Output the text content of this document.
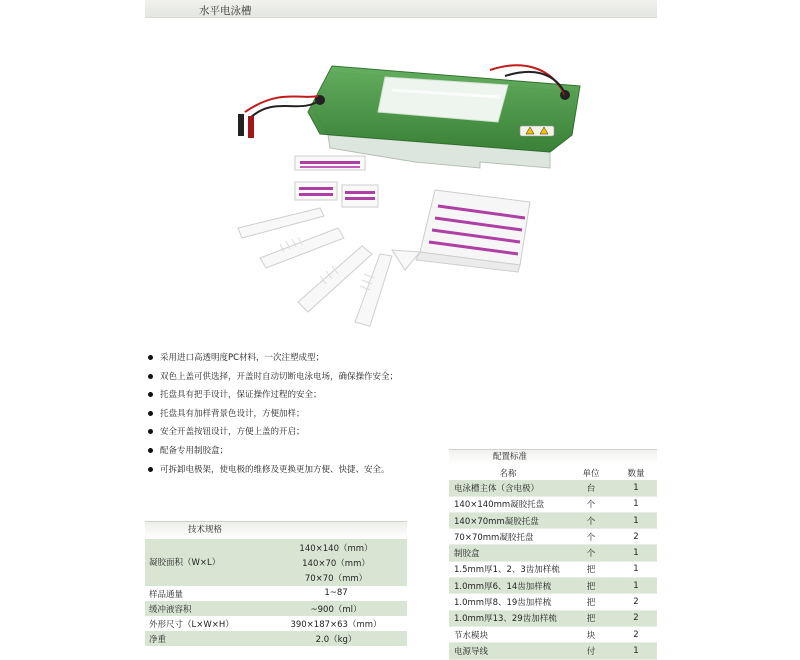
水平电泳槽
采用进口高透明度PC材料，一次注塑成型；
双色上盖可供选择，开盖时自动切断电泳电场，确保操作安全；
托盘具有把手设计，保证操作过程的安全；
托盘具有加样背景色设计，方便加样；
安全开盖按钮设计，方便上盖的开启；
配备专用制胶盒；
可拆卸电极架，使电极的维修及更换更加方便、快捷、安全。
配置标准
名称	单位	数量
电泳槽主体（含电极）	台	1
140×140mm凝胶托盘	个	1
140×70mm凝胶托盘	个	1
70×70mm凝胶托盘	个	2
制胶盒	个	1
1.5mm厚1、2、3齿加样梳	把	1
1.0mm厚6、14齿加样梳	把	1
1.0mm厚8、19齿加样梳	把	2
1.0mm厚13、29齿加样梳	把	2
节水模块	块	2
电源导线	付	1
技术规格
凝胶面积（W×L）
140×140（mm）
140×70（mm）
70×70（mm）
样品通量	1~87
缓冲液容积	~900（ml）
外形尺寸（L×W×H）	390×187×63（mm）
净重	2.0（kg）
